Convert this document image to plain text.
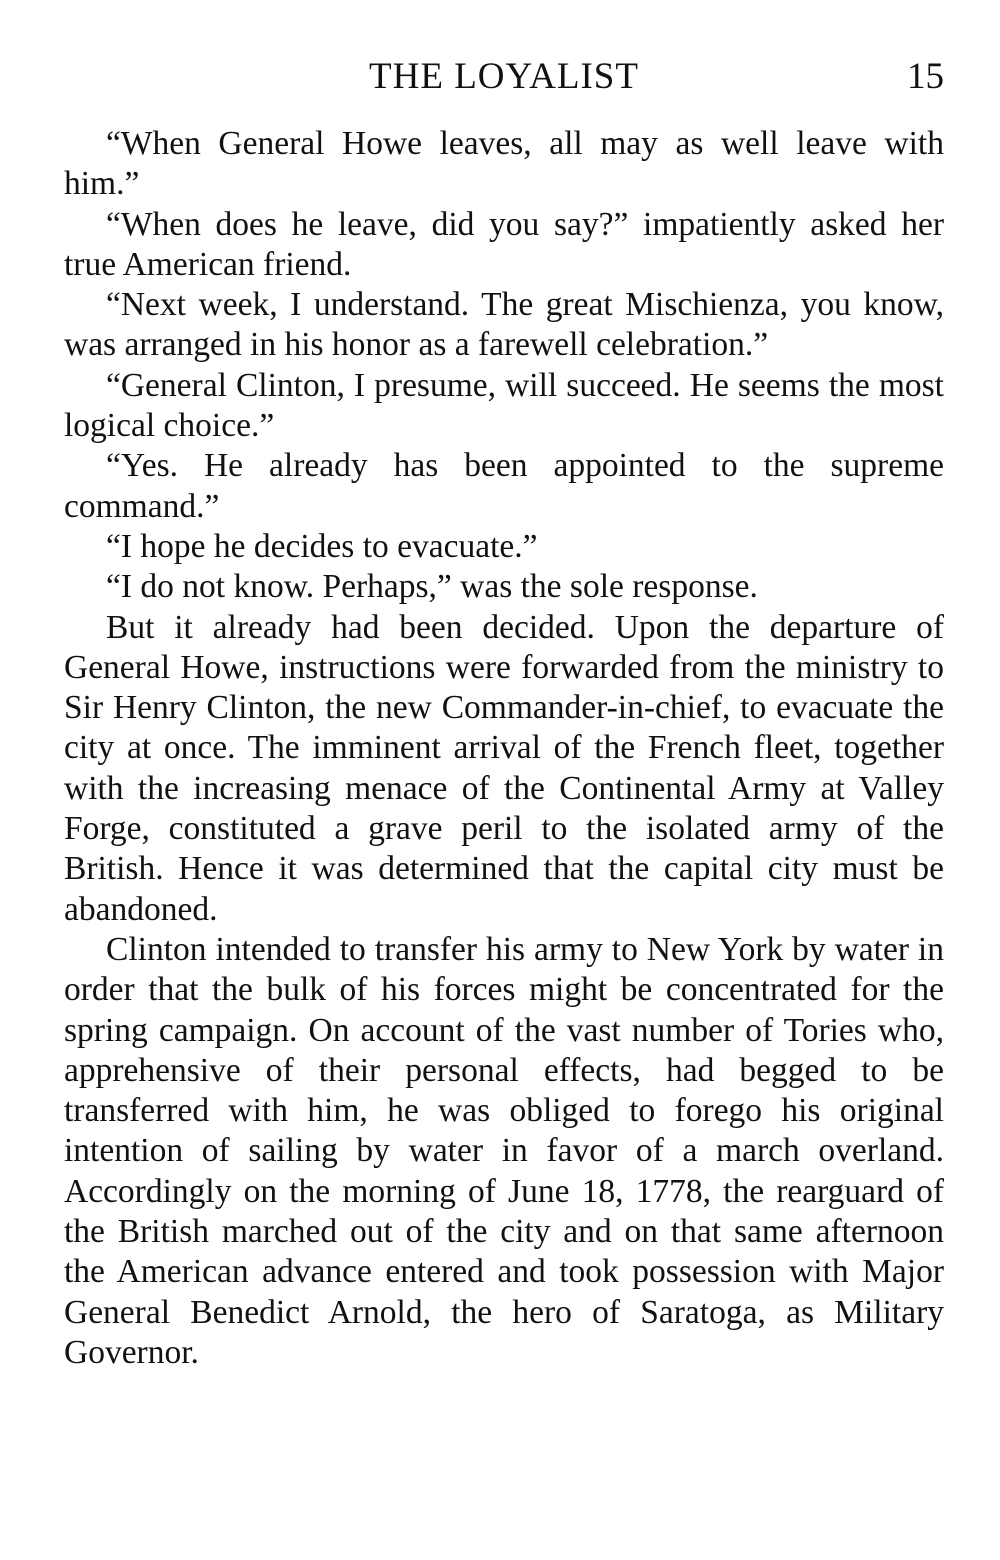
THE LOYALIST	15

“When General Howe leaves, all may as well leave with him.”

“When does he leave, did you say?” impatiently asked her true American friend.

“Next week, I understand. The great Mischienza, you know, was arranged in his honor as a farewell celebration.”

“General Clinton, I presume, will succeed. He seems the most logical choice.”

“Yes. He already has been appointed to the supreme command.”

“I hope he decides to evacuate.”

“I do not know. Perhaps,” was the sole response.

But it already had been decided. Upon the departure of General Howe, instructions were forwarded from the ministry to Sir Henry Clinton, the new Commander-in-chief, to evacuate the city at once. The imminent arrival of the French fleet, together with the increasing menace of the Continental Army at Valley Forge, constituted a grave peril to the isolated army of the British. Hence it was determined that the capital city must be abandoned.

Clinton intended to transfer his army to New York by water in order that the bulk of his forces might be concentrated for the spring campaign. On account of the vast number of Tories who, apprehensive of their personal effects, had begged to be transferred with him, he was obliged to forego his original intention of sailing by water in favor of a march overland. Accordingly on the morning of June 18, 1778, the rearguard of the British marched out of the city and on that same afternoon the American advance entered and took possession with Major General Benedict Arnold, the hero of Saratoga, as Military Governor.
